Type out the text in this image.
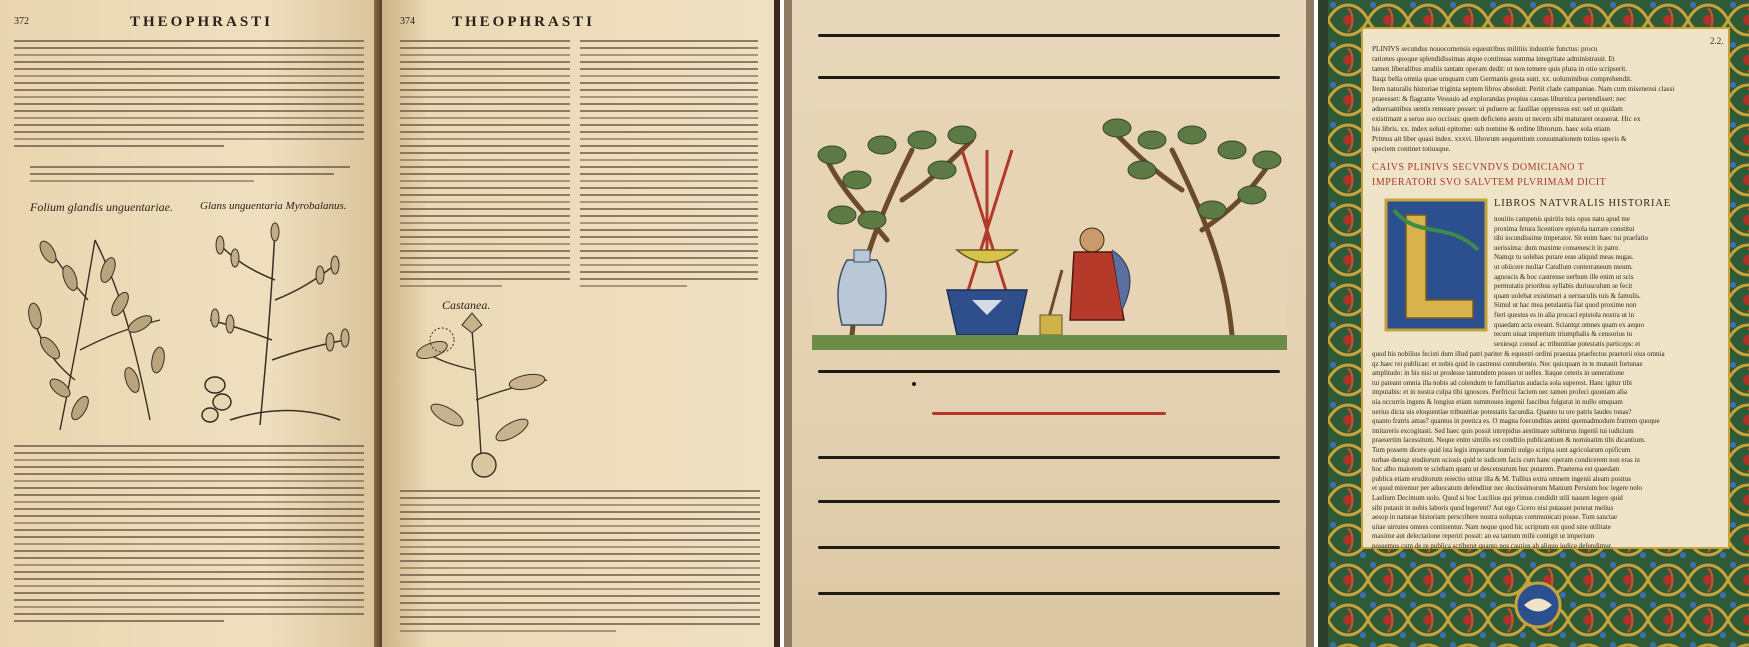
372	THEOPHRASTI
Folium glandis unguentariae. Glans unguentaria Myrobalanus.
374 THEOPHRASTI
Castanea.
2.2.
PLINIVS secundus nouocomensis equestribus militiis industrie functus: procu
rationes quoque splendidissimas atque continuas summa integritate administrauit. Et
tamen liberalibus studiis tantam operam dedit: ut non temere quis plura in otio scripserit.
Itaqz bella omnia quae umquam cum Germanis gesta sunt. xx. uoluminibus comprehendit.
Item naturalis historiae triginta septem libros absoluit. Periit clade campaniae. Nam cum misenensi classi
praeesset: & flagrante Vesuuio ad explorandas propius causas liburnica pertendisset: nec
aduersantibus uentis remeare posset: ui puluere ac fauillae oppressus est: uel ut quidam
existimant a seruo suo occisus: quem deficiens aestu ut necem sibi maturaret orauerat. Hic ex
his libris. xx. index ueluti epitome: sub nomine & ordine librorum. haec sola etiam
Primus ait liber quasi index. xxxvi. librorum sequentium consumationem totius operis &
speciem continet totiusque.
CAIVS PLINIVS SECVNDVS DOMICIANO T
IMPERATORI SVO SALVTEM PLVRIMAM DICIT
LIBROS NATVRALIS HISTORIAE
nouitiu campenis quiritis tuis opus natu apud me
proxima fetura licentiore epistola narrare constitui
tibi iocundissime imperator. Sit enim haec tui praefatio
uerissima: dum maxime consenescit in patre.
Namqz tu solebas putare esse aliquid meas nugas.
ut obiicere moliar Catullum conterraneum meum.
agnoscis & hoc castrense uerbum ille enim ut scis
permutatis prioribus syllabis duriusculum se fecit
quam uolebat existimari a uernaculis tuis & famulis.
Simul ut hac mea petulantia fiat quod proxime non
fieri questus es in alia procaci epistola nostra ut in
quaedam acta exeant. Sciantqz omnes quam ex aequo
tecum uiuat imperium triumphalis & censorius tu
sexiesqz consul ac tribunitiae potestatis particeps: et
quod his nobilius fecisti dum illud patri pariter & equestri ordini praestas praefectus praetorii eius omnia
qz haec rei publicae: et nobis quid in castrensi contubernio. Nec quicquam in te mutauit fortunae
amplitudo: in his nisi ut prodesse tantundem posses ut uelles. Itaque ceteris in ueneratione
tui pateant omnia illa nobis ad colendum te familiarius audacia sola superest. Hanc igitur tibi
imputabis: et in nostra culpa tibi ignosces. Perfricui faciem nec tamen profeci quoniam alia
uia occurris ingens & longius etiam summoues ingenii fascibus fulgurat in nullo umquam
uerius dicta uis eloquentiae tribunitiae potestatis facundia. Quanto tu ore patris laudes tonas?
quanto fratris amas? quantus in poetica es. O magna foecunditas animi quemadmodum fratrem quoque
imitareris excogitasti. Sed haec quis possit intrepidus aestimare subiturus ingenii tui iudicium
praesertim lacessitum. Neque enim similis est conditio publicantium & nominatim tibi dicantium.
Tum possem dicere quid ista legis imperator humili uulgo scripta sunt agricolarum opificum
turbae deniqz studiorum ociosis quid te iudicem facis cum hanc operam condicerem non eras in
hoc albo maiorem te sciebam quam ut descensurum huc putarem. Praeterea est quaedam
publica etiam eruditorum reiectio utitur illa & M. Tullius extra omnem ingenii aleam positus
et quod miremur per aduocatum defenditur nec doctissimorum Manium Persium hoc legere nolo
Laelium Decimum uolo. Quod si hoc Lucilius qui primus condidit stili nasum legere quid
sibi putauit in nobis laboris quod legerent? Aut ego Cicero nisi putasset poterat melius
aesop in naturae historiam perscribere nostra uoluptas communicati posse. Tum sanctae
uitae uirtutes omnes continentur. Nam neque quod hic scriptum est quod sine utilitate
maxime aut delectatione reperiri possit: an ea tantum mihi contigit ut imperium
possemus cum de re publica scriberet quanto nos cautius ab aliquo iudice defendimur.
